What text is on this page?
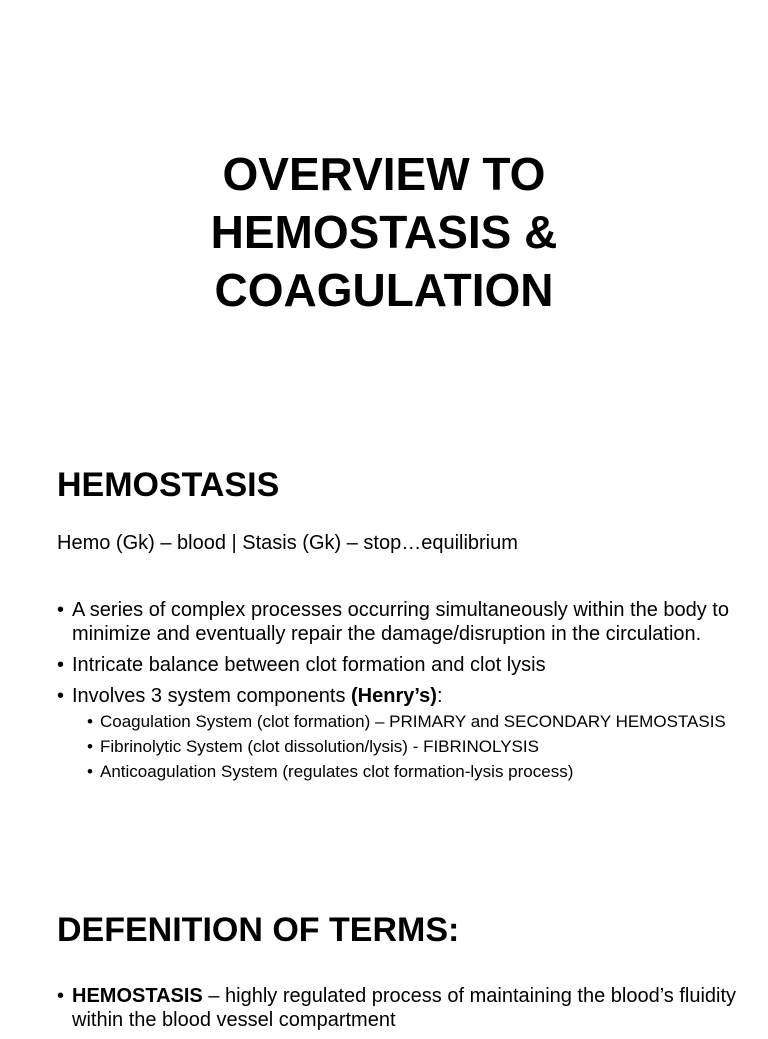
OVERVIEW TO
HEMOSTASIS &
COAGULATION
HEMOSTASIS

Hemo (Gk) – blood | Stasis (Gk) – stop…equilibrium

• A series of complex processes occurring simultaneously within the body to minimize and eventually repair the damage/disruption in the circulation.
• Intricate balance between clot formation and clot lysis
• Involves 3 system components (Henry’s):
• Coagulation System (clot formation) – PRIMARY and SECONDARY HEMOSTASIS
• Fibrinolytic System (clot dissolution/lysis) - FIBRINOLYSIS
• Anticoagulation System (regulates clot formation-lysis process)
DEFENITION OF TERMS:
• HEMOSTASIS – highly regulated process of maintaining the blood’s fluidity within the blood vessel compartment
